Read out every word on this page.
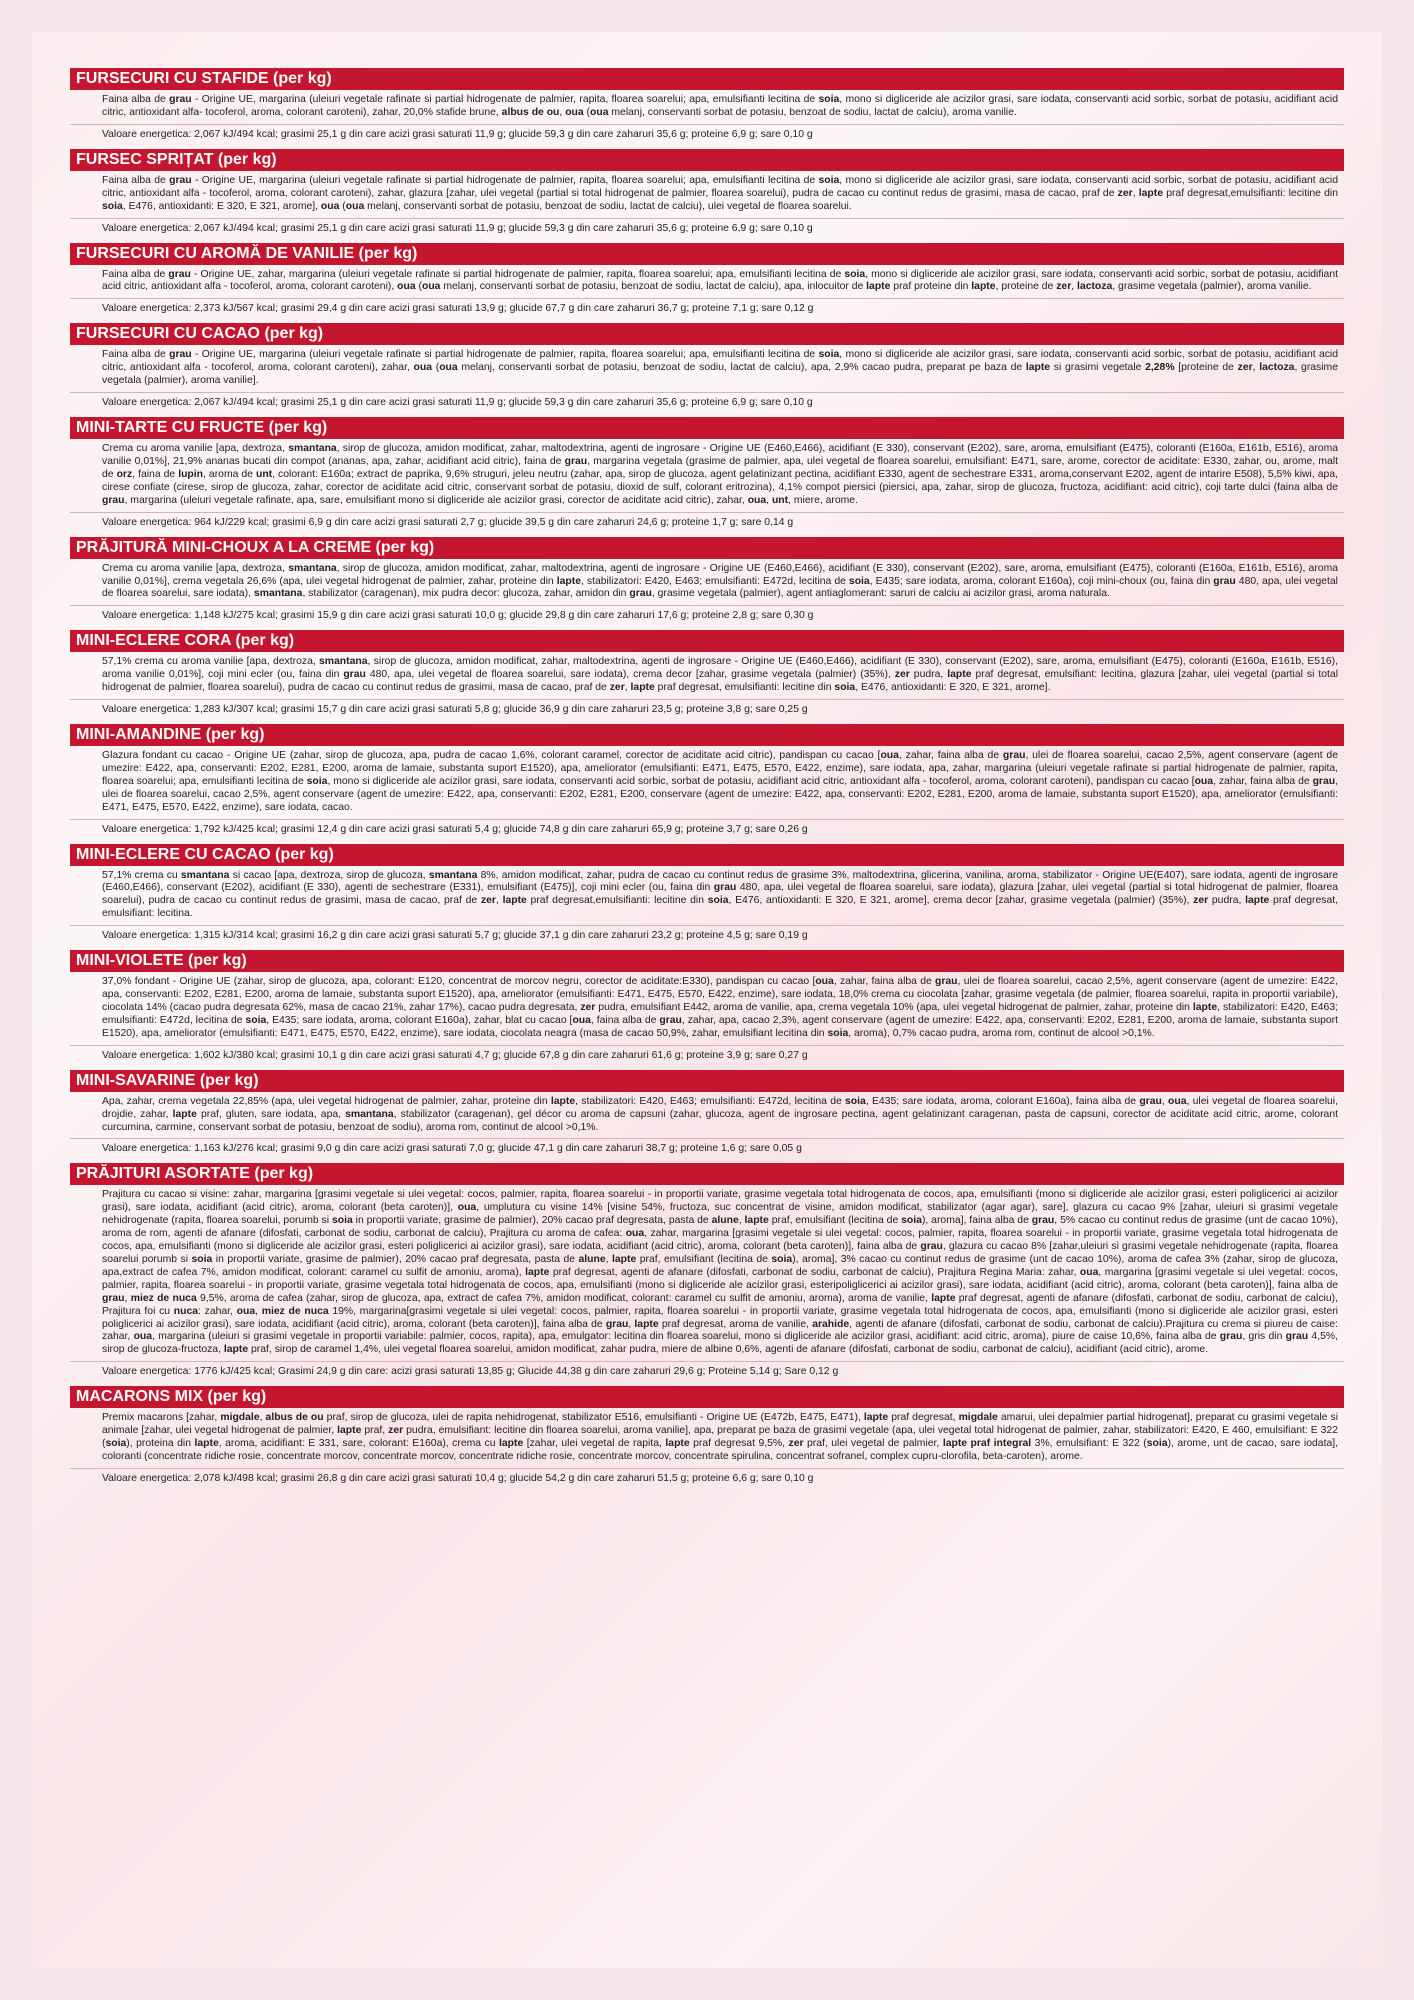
FURSECURI CU STAFIDE (per kg)
Faina alba de grau - Origine UE, margarina (uleiuri vegetale rafinate si partial hidrogenate de palmier, rapita, floarea soarelui; apa, emulsifianti lecitina de soia, mono si digliceride ale acizilor grasi, sare iodata, conservanti acid sorbic, sorbat de potasiu, acidifiant acid citric, antioxidant alfa- tocoferol, aroma, colorant caroteni), zahar, 20,0% stafide brune, albus de ou, oua (oua melanj, conservanti sorbat de potasiu, benzoat de sodiu, lactat de calciu), aroma vanilie.
Valoare energetica: 2,067 kJ/494 kcal; grasimi 25,1 g din care acizi grasi saturati 11,9 g; glucide 59,3 g din care zaharuri 35,6 g; proteine 6,9 g; sare 0,10 g
FURSEC SPRIȚAT (per kg)
Faina alba de grau - Origine UE, margarina (uleiuri vegetale rafinate si partial hidrogenate de palmier, rapita, floarea soarelui; apa, emulsifianti lecitina de soia, mono si digliceride ale acizilor grasi, sare iodata, conservanti acid sorbic, sorbat de potasiu, acidifiant acid citric, antioxidant alfa - tocoferol, aroma, colorant caroteni), zahar, glazura [zahar, ulei vegetal (partial si total hidrogenat de palmier, floarea soarelui), pudra de cacao cu continut redus de grasimi, masa de cacao, praf de zer, lapte praf degresat,emulsifianti: lecitine din soia, E476, antioxidanti: E 320, E 321, arome], oua (oua melanj, conservanti sorbat de potasiu, benzoat de sodiu, lactat de calciu), ulei vegetal de floarea soarelui.
Valoare energetica: 2,067 kJ/494 kcal; grasimi 25,1 g din care acizi grasi saturati 11,9 g; glucide 59,3 g din care zaharuri 35,6 g; proteine 6,9 g; sare 0,10 g
FURSECURI CU AROMĂ DE VANILIE (per kg)
Faina alba de grau - Origine UE, zahar, margarina (uleiuri vegetale rafinate si partial hidrogenate de palmier, rapita, floarea soarelui; apa, emulsifianti lecitina de soia, mono si digliceride ale acizilor grasi, sare iodata, conservanti acid sorbic, sorbat de potasiu, acidifiant acid citric, antioxidant alfa - tocoferol, aroma, colorant caroteni), oua (oua melanj, conservanti sorbat de potasiu, benzoat de sodiu, lactat de calciu), apa, inlocuitor de lapte praf proteine din lapte, proteine de zer, lactoza, grasime vegetala (palmier), aroma vanilie.
Valoare energetica: 2,373 kJ/567 kcal; grasimi 29,4 g din care acizi grasi saturati 13,9 g; glucide 67,7 g din care zaharuri 36,7 g; proteine 7,1 g; sare 0,12 g
FURSECURI CU CACAO (per kg)
Faina alba de grau - Origine UE, margarina (uleiuri vegetale rafinate si partial hidrogenate de palmier, rapita, floarea soarelui; apa, emulsifianti lecitina de soia, mono si digliceride ale acizilor grasi, sare iodata, conservanti acid sorbic, sorbat de potasiu, acidifiant acid citric, antioxidant alfa - tocoferol, aroma, colorant caroteni), zahar, oua (oua melanj, conservanti sorbat de potasiu, benzoat de sodiu, lactat de calciu), apa, 2,9% cacao pudra, preparat pe baza de lapte si grasimi vegetale 2,28% [proteine de zer, lactoza, grasime vegetala (palmier), aroma vanilie].
Valoare energetica: 2,067 kJ/494 kcal; grasimi 25,1 g din care acizi grasi saturati 11,9 g; glucide 59,3 g din care zaharuri 35,6 g; proteine 6,9 g; sare 0,10 g
MINI-TARTE CU FRUCTE (per kg)
Crema cu aroma vanilie [apa, dextroza, smantana, sirop de glucoza, amidon modificat, zahar, maltodextrina, agenti de ingrosare - Origine UE (E460,E466), acidifiant (E 330), conservant (E202), sare, aroma, emulsifiant (E475), coloranti (E160a, E161b, E516), aroma vanilie 0,01%], 21,9% ananas bucati din compot (ananas, apa, zahar, acidifiant acid citric), faina de grau, margarina vegetala (grasime de palmier, apa, ulei vegetal de floarea soarelui, emulsifiant: E471, sare, arome, corector de aciditate: E330, zahar, ou, arome, malt de orz, faina de lupin, aroma de unt, colorant: E160a; extract de paprika, 9,6% struguri, jeleu neutru (zahar, apa, sirop de glucoza, agent gelatinizant pectina, acidifiant E330, agent de sechestrare E331, aroma,conservant E202, agent de intarire E508), 5,5% kiwi, apa, cirese confiate (cirese, sirop de glucoza, zahar, corector de aciditate acid citric, conservant sorbat de potasiu, dioxid de sulf, colorant eritrozina), 4,1% compot piersici (piersici, apa, zahar, sirop de glucoza, fructoza, acidifiant: acid citric), coji tarte dulci (faina alba de grau, margarina (uleiuri vegetale rafinate, apa, sare, emulsifiant mono si digliceride ale acizilor grasi, corector de aciditate acid citric), zahar, oua, unt, miere, arome.
Valoare energetica: 964 kJ/229 kcal; grasimi 6,9 g din care acizi grasi saturati 2,7 g; glucide 39,5 g din care zaharuri 24,6 g; proteine 1,7 g; sare 0,14 g
PRĂJITURĂ MINI-CHOUX A LA CREME (per kg)
Crema cu aroma vanilie [apa, dextroza, smantana, sirop de glucoza, amidon modificat, zahar, maltodextrina, agenti de ingrosare - Origine UE (E460,E466), acidifiant (E 330), conservant (E202), sare, aroma, emulsifiant (E475), coloranti (E160a, E161b, E516), aroma vanilie 0,01%], crema vegetala 26,6% (apa, ulei vegetal hidrogenat de palmier, zahar, proteine din lapte, stabilizatori: E420, E463; emulsifianti: E472d, lecitina de soia, E435; sare iodata, aroma, colorant E160a), coji mini-choux (ou, faina din grau 480, apa, ulei vegetal de floarea soarelui, sare iodata), smantana, stabilizator (caragenan), mix pudra decor: glucoza, zahar, amidon din grau, grasime vegetala (palmier), agent antiaglomerant: saruri de calciu ai acizilor grasi, aroma naturala.
Valoare energetica: 1,148 kJ/275 kcal; grasimi 15,9 g din care acizi grasi saturati 10,0 g; glucide 29,8 g din care zaharuri 17,6 g; proteine 2,8 g; sare 0,30 g
MINI-ECLERE CORA (per kg)
57,1% crema cu aroma vanilie [apa, dextroza, smantana, sirop de glucoza, amidon modificat, zahar, maltodextrina, agenti de ingrosare - Origine UE (E460,E466), acidifiant (E 330), conservant (E202), sare, aroma, emulsifiant (E475), coloranti (E160a, E161b, E516), aroma vanilie 0,01%], coji mini ecler (ou, faina din grau 480, apa, ulei vegetal de floarea soarelui, sare iodata), crema decor [zahar, grasime vegetala (palmier) (35%), zer pudra, lapte praf degresat, emulsifiant: lecitina, glazura [zahar, ulei vegetal (partial si total hidrogenat de palmier, floarea soarelui), pudra de cacao cu continut redus de grasimi, masa de cacao, praf de zer, lapte praf degresat, emulsifianti: lecitine din soia, E476, antioxidanti: E 320, E 321, arome].
Valoare energetica: 1,283 kJ/307 kcal; grasimi 15,7 g din care acizi grasi saturati 5,8 g; glucide 36,9 g din care zaharuri 23,5 g; proteine 3,8 g; sare 0,25 g
MINI-AMANDINE (per kg)
Glazura fondant cu cacao - Origine UE (zahar, sirop de glucoza, apa, pudra de cacao 1,6%, colorant caramel, corector de aciditate acid citric), pandispan cu cacao [oua, zahar, faina alba de grau, ulei de floarea soarelui, cacao 2,5%, agent conservare (agent de umezire: E422, apa, conservanti: E202, E281, E200, aroma de lamaie, substanta suport E1520), apa, ameliorator (emulsifianti: E471, E475, E570, E422, enzime), sare iodata, apa, zahar, margarina (uleiuri vegetale rafinate si partial hidrogenate de palmier, rapita, floarea soarelui; apa, emulsifianti lecitina de soia, mono si digliceride ale acizilor grasi, sare iodata, conservanti acid sorbic, sorbat de potasiu, acidifiant acid citric, antioxidant alfa - tocoferol, aroma, colorant caroteni), pandispan cu cacao [oua, zahar, faina alba de grau, ulei de floarea soarelui, cacao 2,5%, agent conservare (agent de umezire: E422, apa, conservanti: E202, E281, E200, conservare (agent de umezire: E422, apa, conservanti: E202, E281, E200, aroma de lamaie, substanta suport E1520), apa, ameliorator (emulsifianti: E471, E475, E570, E422, enzime), sare iodata, cacao.
Valoare energetica: 1,792 kJ/425 kcal; grasimi 12,4 g din care acizi grasi saturati 5,4 g; glucide 74,8 g din care zaharuri 65,9 g; proteine 3,7 g; sare 0,26 g
MINI-ECLERE CU CACAO (per kg)
57,1% crema cu smantana si cacao [apa, dextroza, sirop de glucoza, smantana 8%, amidon modificat, zahar, pudra de cacao cu continut redus de grasime 3%, maltodextrina, glicerina, vanilina, aroma, stabilizator - Origine UE(E407), sare iodata, agenti de ingrosare (E460,E466), conservant (E202), acidifiant (E 330), agenti de sechestrare (E331), emulsifiant (E475)], coji mini ecler (ou, faina din grau 480, apa, ulei vegetal de floarea soarelui, sare iodata), glazura [zahar, ulei vegetal (partial si total hidrogenat de palmier, floarea soarelui), pudra de cacao cu continut redus de grasimi, masa de cacao, praf de zer, lapte praf degresat,emulsifianti: lecitine din soia, E476, antioxidanti: E 320, E 321, arome], crema decor [zahar, grasime vegetala (palmier) (35%), zer pudra, lapte praf degresat, emulsifiant: lecitina.
Valoare energetica: 1,315 kJ/314 kcal; grasimi 16,2 g din care acizi grasi saturati 5,7 g; glucide 37,1 g din care zaharuri 23,2 g; proteine 4,5 g; sare 0,19 g
MINI-VIOLETE (per kg)
37,0% fondant - Origine UE (zahar, sirop de glucoza, apa, colorant: E120, concentrat de morcov negru, corector de aciditate:E330), pandispan cu cacao [oua, zahar, faina alba de grau, ulei de floarea soarelui, cacao 2,5%, agent conservare (agent de umezire: E422, apa, conservanti: E202, E281, E200, aroma de lamaie, substanta suport E1520), apa, ameliorator (emulsifianti: E471, E475, E570, E422, enzime), sare iodata, 18,0% crema cu ciocolata [zahar, grasime vegetala (de palmier, floarea soarelui, rapita in proportii variabile), ciocolata 14% (cacao pudra degresata 62%, masa de cacao 21%, zahar 17%), cacao pudra degresata, zer pudra, emulsifiant E442, aroma de vanilie, apa, crema vegetala 10% (apa, ulei vegetal hidrogenat de palmier, zahar, proteine din lapte, stabilizatori: E420, E463; emulsifianti: E472d, lecitina de soia, E435; sare iodata, aroma, colorant E160a), zahar, blat cu cacao [oua, faina alba de grau, zahar, apa, cacao 2,3%, agent conservare (agent de umezire: E422, apa, conservanti: E202, E281, E200, aroma de lamaie, substanta suport E1520), apa, ameliorator (emulsifianti: E471, E475, E570, E422, enzime), sare iodata, ciocolata neagra (masa de cacao 50,9%, zahar, emulsifiant lecitina din soia, aroma), 0,7% cacao pudra, aroma rom, continut de alcool >0,1%.
Valoare energetica: 1,602 kJ/380 kcal; grasimi 10,1 g din care acizi grasi saturati 4,7 g; glucide 67,8 g din care zaharuri 61,6 g; proteine 3,9 g; sare 0,27 g
MINI-SAVARINE (per kg)
Apa, zahar, crema vegetala 22,85% (apa, ulei vegetal hidrogenat de palmier, zahar, proteine din lapte, stabilizatori: E420, E463; emulsifianti: E472d, lecitina de soia, E435; sare iodata, aroma, colorant E160a), faina alba de grau, oua, ulei vegetal de floarea soarelui, drojdie, zahar, lapte praf, gluten, sare iodata, apa, smantana, stabilizator (caragenan), gel décor cu aroma de capsuni (zahar, glucoza, agent de ingrosare pectina, agent gelatinizant caragenan, pasta de capsuni, corector de aciditate acid citric, arome, colorant curcumina, carmine, conservant sorbat de potasiu, benzoat de sodiu), aroma rom, continut de alcool >0,1%.
Valoare energetica: 1,163 kJ/276 kcal; grasimi 9,0 g din care acizi grasi saturati 7,0 g; glucide 47,1 g din care zaharuri 38,7 g; proteine 1,6 g; sare 0,05 g
PRĂJITURI ASORTATE (per kg)
Prajitura cu cacao si visine: zahar, margarina [grasimi vegetale si ulei vegetal: cocos, palmier, rapita, floarea soarelui - in proportii variate, grasime vegetala total hidrogenata de cocos, apa, emulsifianti (mono si digliceride ale acizilor grasi, esteri poliglicerici ai acizilor grasi), sare iodata, acidifiant (acid citric), aroma, colorant (beta caroten)], oua, umplutura cu visine 14% [visine 54%, fructoza, suc concentrat de visine, amidon modificat, stabilizator (agar agar), sare], glazura cu cacao 9% [zahar, uleiuri si grasimi vegetale nehidrogenate (rapita, floarea soarelui, porumb si soia in proportii variate, grasime de palmier), 20% cacao praf degresata, pasta de alune, lapte praf, emulsifiant (lecitina de soia), aroma], faina alba de grau, 5% cacao cu continut redus de grasime (unt de cacao 10%), aroma de rom, agenti de afanare (difosfati, carbonat de sodiu, carbonat de calciu), Prajitura cu aroma de cafea: oua, zahar, margarina [grasimi vegetale si ulei vegetal: cocos, palmier, rapita, floarea soarelui - in proportii variate, grasime vegetala total hidrogenata de cocos, apa, emulsifianti (mono si digliceride ale acizilor grasi, esteri poliglicerici ai acizilor grasi), sare iodata, acidifiant (acid citric), aroma, colorant (beta caroten)], faina alba de grau, glazura cu cacao 8% [zahar,uleiuri si grasimi vegetale nehidrogenate (rapita, floarea soarelui porumb si soia in proportii variate, grasime de palmier), 20% cacao praf degresata, pasta de alune, lapte praf, emulsifiant (lecitina de soia), aroma], 3% cacao cu continut redus de grasime (unt de cacao 10%), aroma de cafea 3% (zahar, sirop de glucoza, apa,extract de cafea 7%, amidon modificat, colorant: caramel cu sulfit de amoniu, aroma), lapte praf degresat, agenti de afanare (difosfati, carbonat de sodiu, carbonat de calciu), Prajitura Regina Maria: zahar, oua, margarina [grasimi vegetale si ulei vegetal: cocos, palmier, rapita, floarea soarelui - in proportii variate, grasime vegetala total hidrogenata de cocos, apa, emulsifianti (mono si digliceride ale acizilor grasi, esteripoliglicerici ai acizilor grasi), sare iodata, acidifiant (acid citric), aroma, colorant (beta caroten)], faina alba de grau, miez de nuca 9,5%, aroma de cafea (zahar, sirop de glucoza, apa, extract de cafea 7%, amidon modificat, colorant: caramel cu sulfit de amoniu, aroma), aroma de vanilie, lapte praf degresat, agenti de afanare (difosfati, carbonat de sodiu, carbonat de calciu), Prajitura foi cu nuca: zahar, oua, miez de nuca 19%, margarina[grasimi vegetale si ulei vegetal: cocos, palmier, rapita, floarea soarelui - in proportii variate, grasime vegetala total hidrogenata de cocos, apa, emulsifianti (mono si digliceride ale acizilor grasi, esteri poliglicerici ai acizilor grasi), sare iodata, acidifiant (acid citric), aroma, colorant (beta caroten)], faina alba de grau, lapte praf degresat, aroma de vanilie, arahide, agenti de afanare (difosfati, carbonat de sodiu, carbonat de calciu).Prajitura cu crema si piureu de caise: zahar, oua, margarina (uleiuri si grasimi vegetale in proportii variabile: palmier, cocos, rapita), apa, emulgator: lecitina din floarea soarelui, mono si digliceride ale acizilor grasi, acidifiant: acid citric, aroma), piure de caise 10,6%, faina alba de grau, gris din grau 4,5%, sirop de glucoza-fructoza, lapte praf, sirop de caramel 1,4%, ulei vegetal floarea soarelui, amidon modificat, zahar pudra, miere de albine 0,6%, agenti de afanare (difosfati, carbonat de sodiu, carbonat de calciu), acidifiant (acid citric), arome.
Valoare energetica: 1776 kJ/425 kcal; Grasimi 24,9 g din care: acizi grasi saturati 13,85 g; Glucide 44,38 g din care zaharuri 29,6 g; Proteine 5,14 g; Sare 0,12 g
MACARONS MIX (per kg)
Premix macarons [zahar, migdale, albus de ou praf, sirop de glucoza, ulei de rapita nehidrogenat, stabilizator E516, emulsifianti - Origine UE (E472b, E475, E471), lapte praf degresat, migdale amarui, ulei depalmier partial hidrogenat], preparat cu grasimi vegetale si animale [zahar, ulei vegetal hidrogenat de palmier, lapte praf, zer pudra, emulsifiant: lecitine din floarea soarelui, aroma vanilie], apa, preparat pe baza de grasimi vegetale (apa, ulei vegetal total hidrogenat de palmier, zahar, stabilizatori: E420, E 460, emulsifiant: E 322 (soia), proteina din lapte, aroma, acidifiant: E 331, sare, colorant: E160a), crema cu lapte [zahar, ulei vegetal de rapita, lapte praf degresat 9,5%, zer praf, ulei vegetal de palmier, lapte praf integral 3%, emulsifiant: E 322 (soia), arome, unt de cacao, sare iodata], coloranti (concentrate ridiche rosie, concentrate morcov, concentrate morcov, concentrate ridiche rosie, concentrate morcov, concentrate spirulina, concentrat sofranel, complex cupru-clorofila, beta-caroten), arome.
Valoare energetica: 2,078 kJ/498 kcal; grasimi 26,8 g din care acizi grasi saturati 10,4 g; glucide 54,2 g din care zaharuri 51,5 g; proteine 6,6 g; sare 0,10 g
